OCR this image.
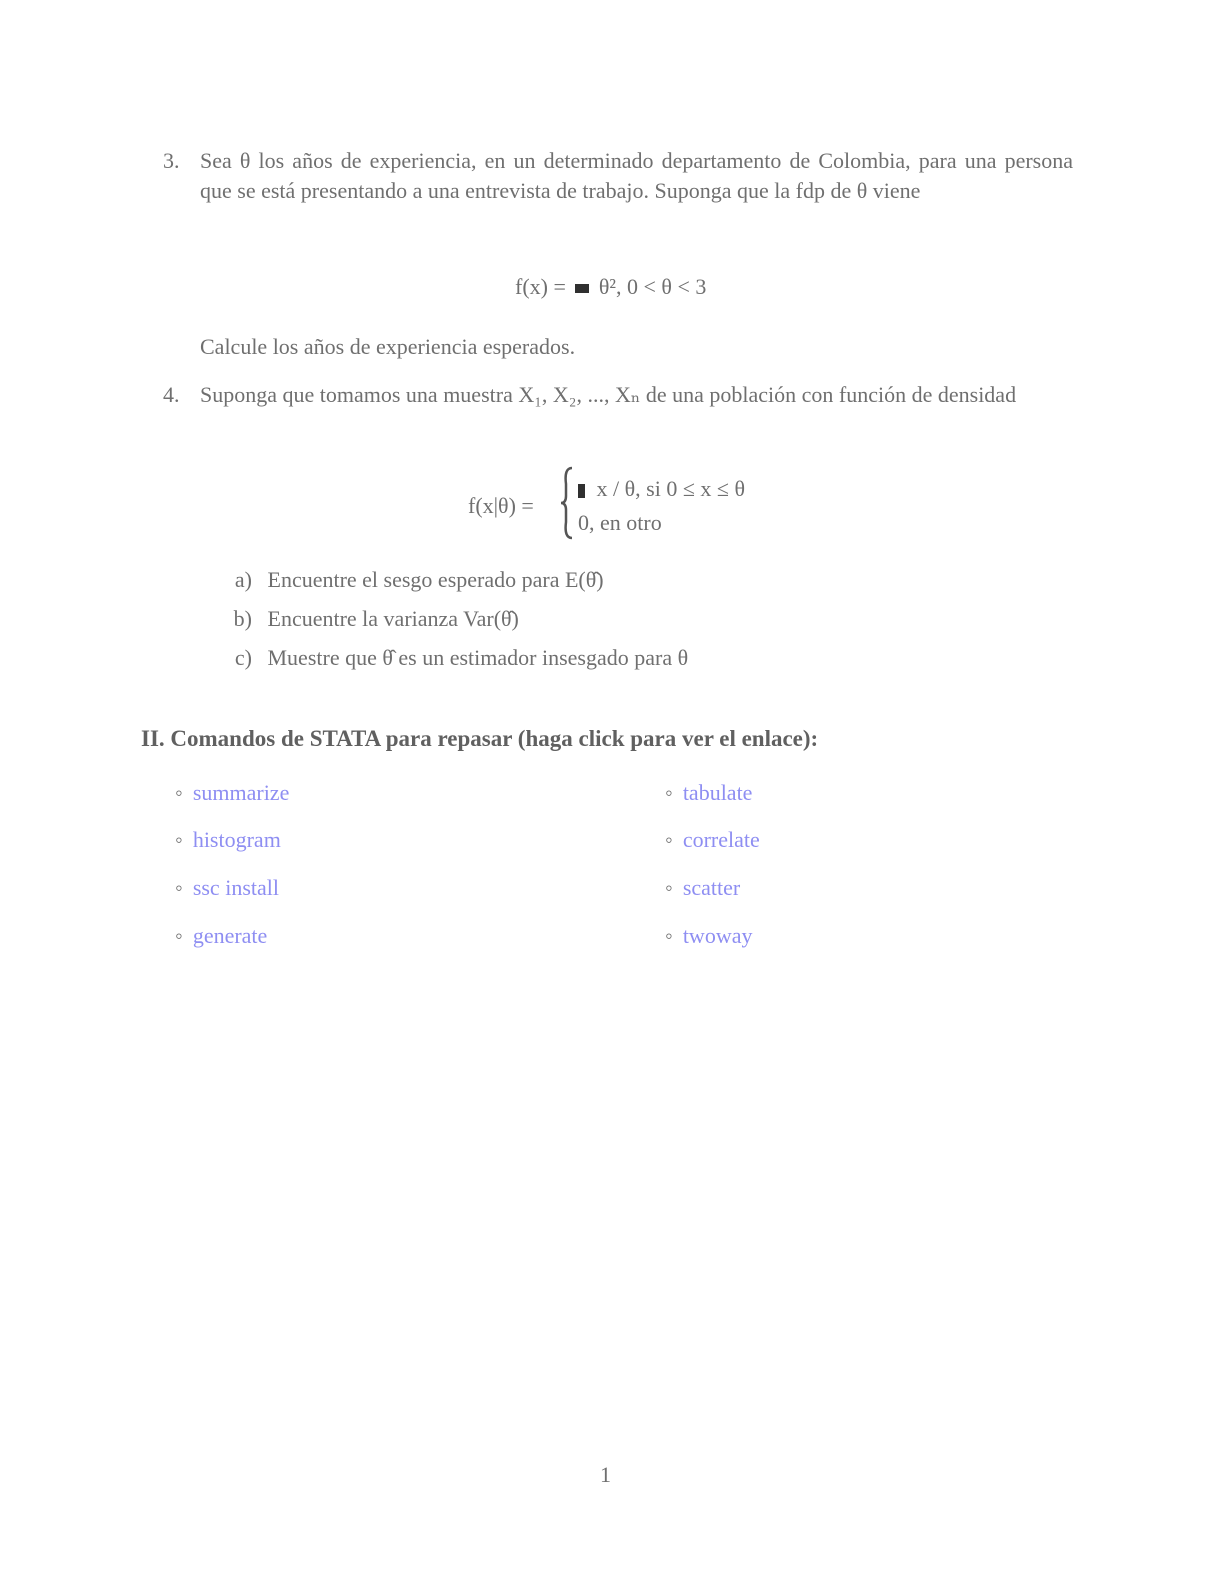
3. Sea θ los años de experiencia, en un determinado departamento de Colombia, para una persona que se está presentando a una entrevista de trabajo. Suponga que la fdp de θ viene
f(x) = θ², 0 < θ < 3
Calcule los años de experiencia esperados.
4. Suponga que tomamos una muestra X₁, X₂, ..., Xₙ de una población con función de densidad
f(x|θ) =
x / θ, si 0 ≤ x ≤ θ
0, en otro
a) Encuentre el sesgo esperado para E(θ̂)
b) Encuentre la varianza Var(θ̂)
c) Muestre que θ̂ es un estimador insesgado para θ
II. Comandos de STATA para repasar (haga click para ver el enlace):
◦ summarize
◦ histogram
◦ ssc install
◦ generate
◦ tabulate
◦ correlate
◦ scatter
◦ twoway
1
